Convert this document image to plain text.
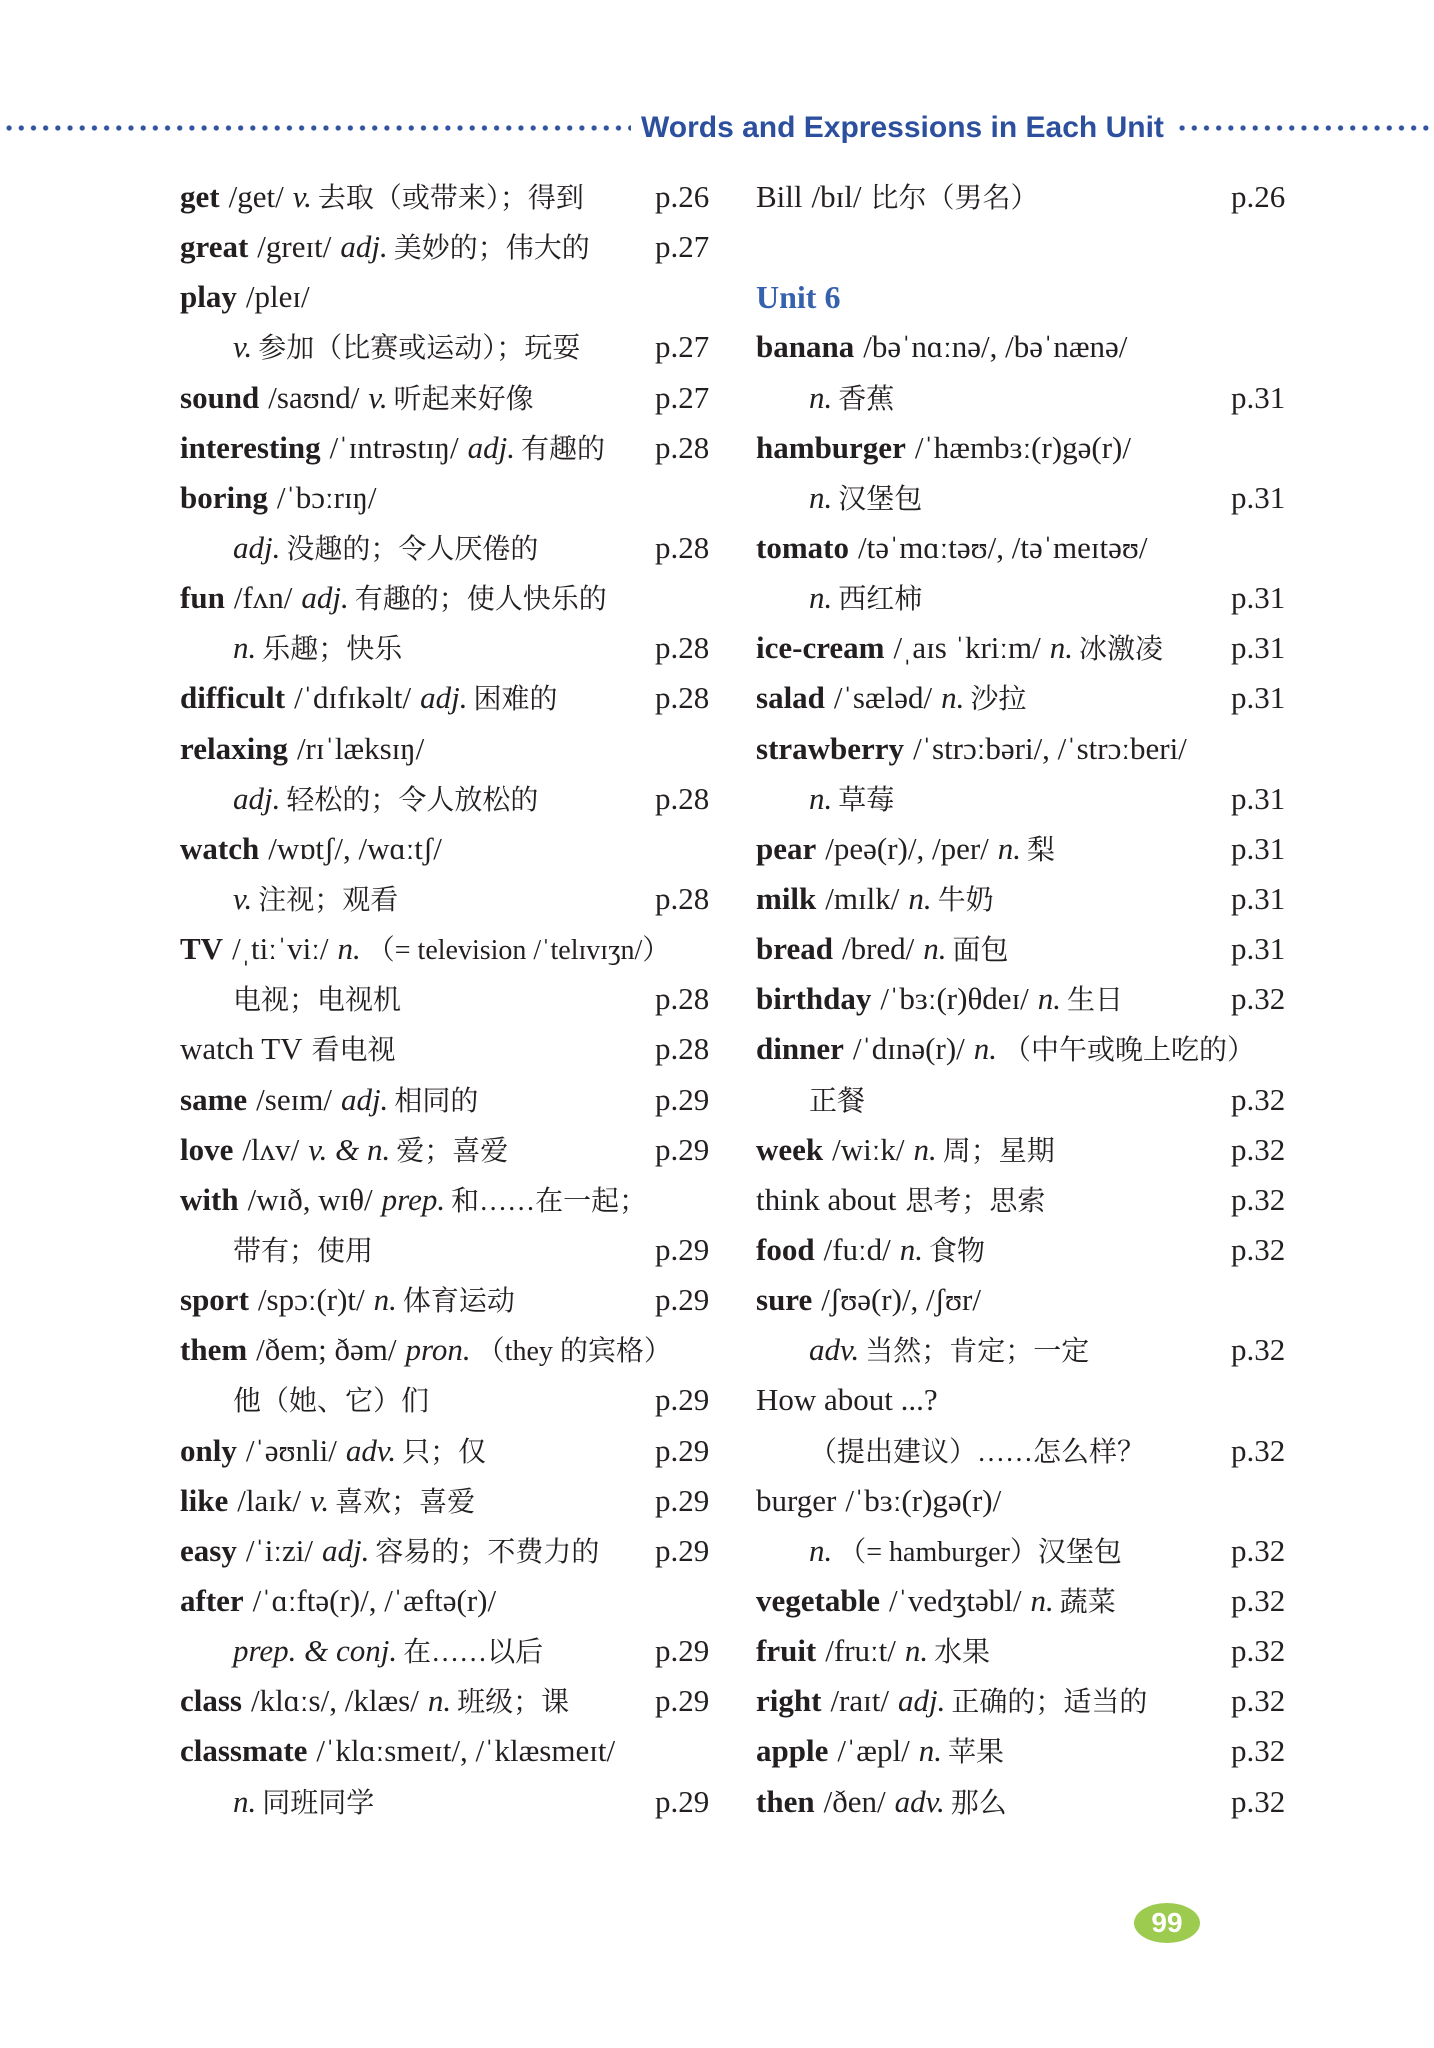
Words and Expressions in Each Unit
get /get/ v. 去取（或带来）；得到 p.26
great /greɪt/ adj. 美妙的；伟大的 p.27
play /pleɪ/
v. 参加（比赛或运动）；玩耍 p.27
sound /saʊnd/ v. 听起来好像	p.27
interesting /ˈɪntrəstɪŋ/ adj. 有趣的 p.28
boring /ˈbɔːrɪŋ/
adj. 没趣的；令人厌倦的	p.28
fun /fʌn/ adj. 有趣的；使人快乐的
n. 乐趣；快乐	p.28
difficult /ˈdɪfɪkəlt/ adj. 困难的	p.28
relaxing /rɪˈlæksɪŋ/
adj. 轻松的；令人放松的	p.28
watch /wɒtʃ/, /wɑːtʃ/
v. 注视；观看	p.28
TV /ˌtiːˈviː/ n. （= television /ˈtelɪvɪʒn/）
电视；电视机	p.28
watch TV 看电视	p.28
same /seɪm/ adj. 相同的	p.29
love /lʌv/ v. & n. 爱；喜爱	p.29
with /wɪð, wɪθ/ prep. 和……在一起；
带有；使用	p.29
sport /spɔː(r)t/ n. 体育运动	p.29
them /ðem; ðəm/ pron. （they 的宾格）
他（她、它）们	p.29
only /ˈəʊnli/ adv. 只；仅	p.29
like /laɪk/ v. 喜欢；喜爱	p.29
easy /ˈiːzi/ adj. 容易的；不费力的 p.29
after /ˈɑːftə(r)/, /ˈæftə(r)/
prep. & conj. 在……以后	p.29
class /klɑːs/, /klæs/ n. 班级；课	p.29
classmate /ˈklɑːsmeɪt/, /ˈklæsmeɪt/
n. 同班同学	p.29
Bill /bɪl/ 比尔（男名）	p.26
Unit 6
banana /bəˈnɑːnə/, /bəˈnænə/
n. 香蕉	p.31
hamburger /ˈhæmbɜː(r)gə(r)/
n. 汉堡包	p.31
tomato /təˈmɑːtəʊ/, /təˈmeɪtəʊ/
n. 西红柿	p.31
ice-cream /ˌaɪs ˈkriːm/ n. 冰激凌 p.31
salad /ˈsæləd/ n. 沙拉	p.31
strawberry /ˈstrɔːbəri/, /ˈstrɔːberi/
n. 草莓	p.31
pear /peə(r)/, /per/ n. 梨	p.31
milk /mɪlk/ n. 牛奶	p.31
bread /bred/ n. 面包	p.31
birthday /ˈbɜː(r)θdeɪ/ n. 生日	p.32
dinner /ˈdɪnə(r)/ n. （中午或晚上吃的）
正餐	p.32
week /wiːk/ n. 周；星期	p.32
think about 思考；思索	p.32
food /fuːd/ n. 食物	p.32
sure /ʃʊə(r)/, /ʃʊr/
adv. 当然；肯定；一定	p.32
How about ...?
（提出建议）……怎么样？	p.32
burger /ˈbɜː(r)gə(r)/
n. （= hamburger）汉堡包	p.32
vegetable /ˈvedʒtəbl/ n. 蔬菜	p.32
fruit /fruːt/ n. 水果	p.32
right /raɪt/ adj. 正确的；适当的	p.32
apple /ˈæpl/ n. 苹果	p.32
then /ðen/ adv. 那么	p.32
99
